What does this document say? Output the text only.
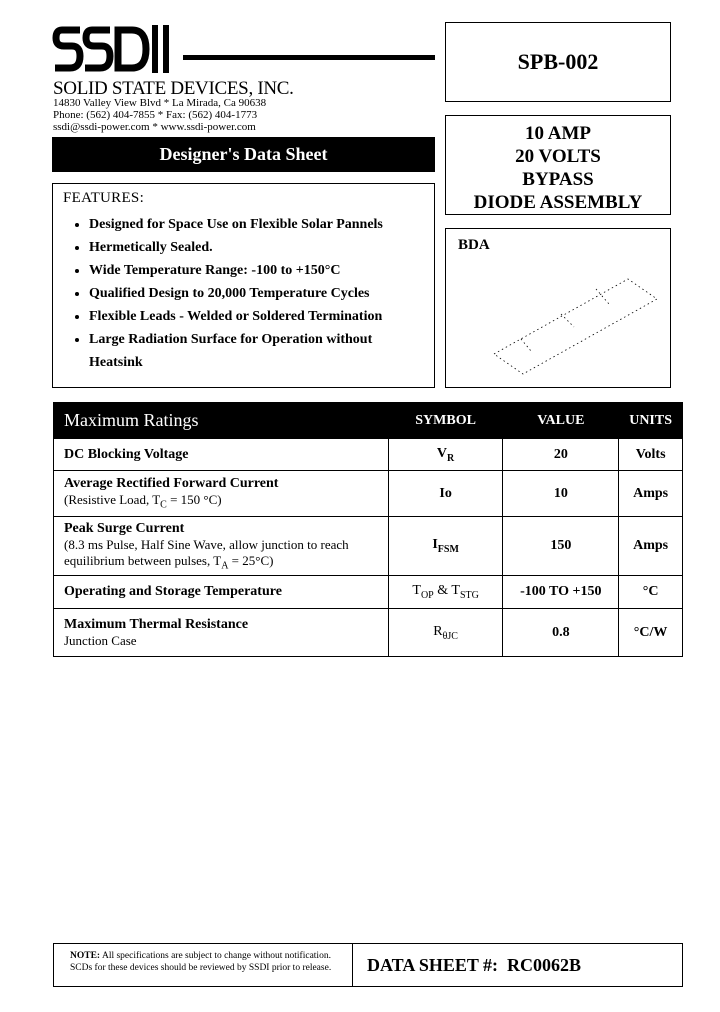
SOLID STATE DEVICES, INC.
14830 Valley View Blvd * La Mirada, Ca 90638
Phone: (562) 404-7855 * Fax: (562) 404-1773
ssdi@ssdi-power.com * www.ssdi-power.com
Designer's Data Sheet
FEATURES:
• Designed for Space Use on Flexible Solar Pannels
• Hermetically Sealed.
• Wide Temperature Range: -100 to +150°C
• Qualified Design to 20,000 Temperature Cycles
• Flexible Leads - Welded or Soldered Termination
• Large Radiation Surface for Operation without Heatsink
SPB-002
10 AMP
20 VOLTS
BYPASS
DIODE ASSEMBLY
BDA
Maximum Ratings	SYMBOL	VALUE	UNITS
DC Blocking Voltage	$V_R$	20	Volts

Average Rectified Forward Current
(Resistive Load, $T_C = 150$ °C)	Io	10	Amps

Peak Surge Current
(8.3 ms Pulse, Half Sine Wave, allow junction to reach equilibrium between pulses, $T_A = 25^\circ C$)	$I_{FSM}$	150	Amps
Operating and Storage Temperature	$T_{OP}$ & $T_{STG}$	-100 TO +150	°C

Maximum Thermal Resistance
Junction Case	$R_{\theta JC}$	0.8	°C/W
NOTE: All specifications are subject to change without notification.
SCDs for these devices should be reviewed by SSDI prior to release.	DATA SHEET #: RC0062B
